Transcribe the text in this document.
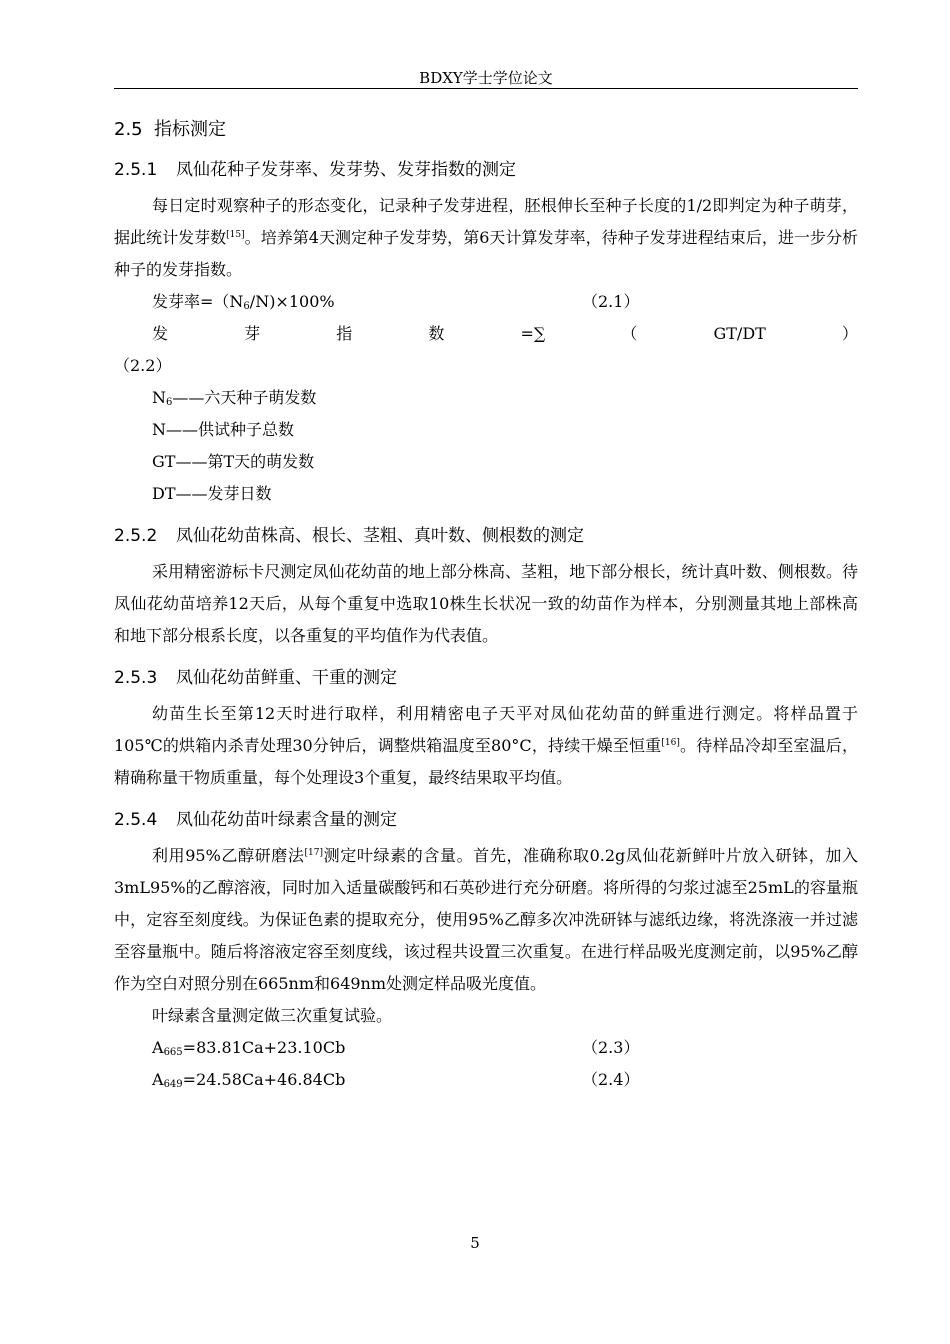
BDXY学士学位论文
2.5 指标测定
2.5.1 凤仙花种子发芽率、发芽势、发芽指数的测定

每日定时观察种子的形态变化，记录种子发芽进程，胚根伸长至种子长度的1/2即判定为种子萌芽，据此统计发芽数[15]。培养第4天测定种子发芽势，第6天计算发芽率，待种子发芽进程结束后，进一步分析种子的发芽指数。

发芽率$=(N_6/N)\times 100\%$	（2.1）
发	芽	指	数	=∑	（	GT/DT	）
（2.2）
$N_6——$六天种子萌发数
N——供试种子总数
GT——第T天的萌发数
DT——发芽日数
2.5.2 凤仙花幼苗株高、根长、茎粗、真叶数、侧根数的测定

采用精密游标卡尺测定凤仙花幼苗的地上部分株高、茎粗，地下部分根长，统计真叶数、侧根数。待凤仙花幼苗培养12天后，从每个重复中选取10株生长状况一致的幼苗作为样本，分别测量其地上部株高和地下部分根系长度，以各重复的平均值作为代表值。

2.5.3 凤仙花幼苗鲜重、干重的测定

幼苗生长至第12天时进行取样，利用精密电子天平对凤仙花幼苗的鲜重进行测定。将样品置于105℃的烘箱内杀青处理30分钟后，调整烘箱温度至80°C，持续干燥至恒重[16]。待样品冷却至室温后，精确称量干物质重量，每个处理设3个重复，最终结果取平均值。

2.5.4 凤仙花幼苗叶绿素含量的测定

利用95%乙醇研磨法[17]测定叶绿素的含量。首先，准确称取0.2g凤仙花新鲜叶片放入研钵，加入3mL95%的乙醇溶液，同时加入适量碳酸钙和石英砂进行充分研磨。将所得的匀浆过滤至25mL的容量瓶中，定容至刻度线。为保证色素的提取充分，使用95%乙醇多次冲洗研钵与滤纸边缘，将洗涤液一并过滤至容量瓶中。随后将溶液定容至刻度线，该过程共设置三次重复。在进行样品吸光度测定前，以95%乙醇作为空白对照分别在665nm和649nm处测定样品吸光度值。

叶绿素含量测定做三次重复试验。

$A_{665}=83.81Ca+23.10Cb$	（2.3）
$A_{649}=24.58Ca+46.84Cb$	（2.4）
5
